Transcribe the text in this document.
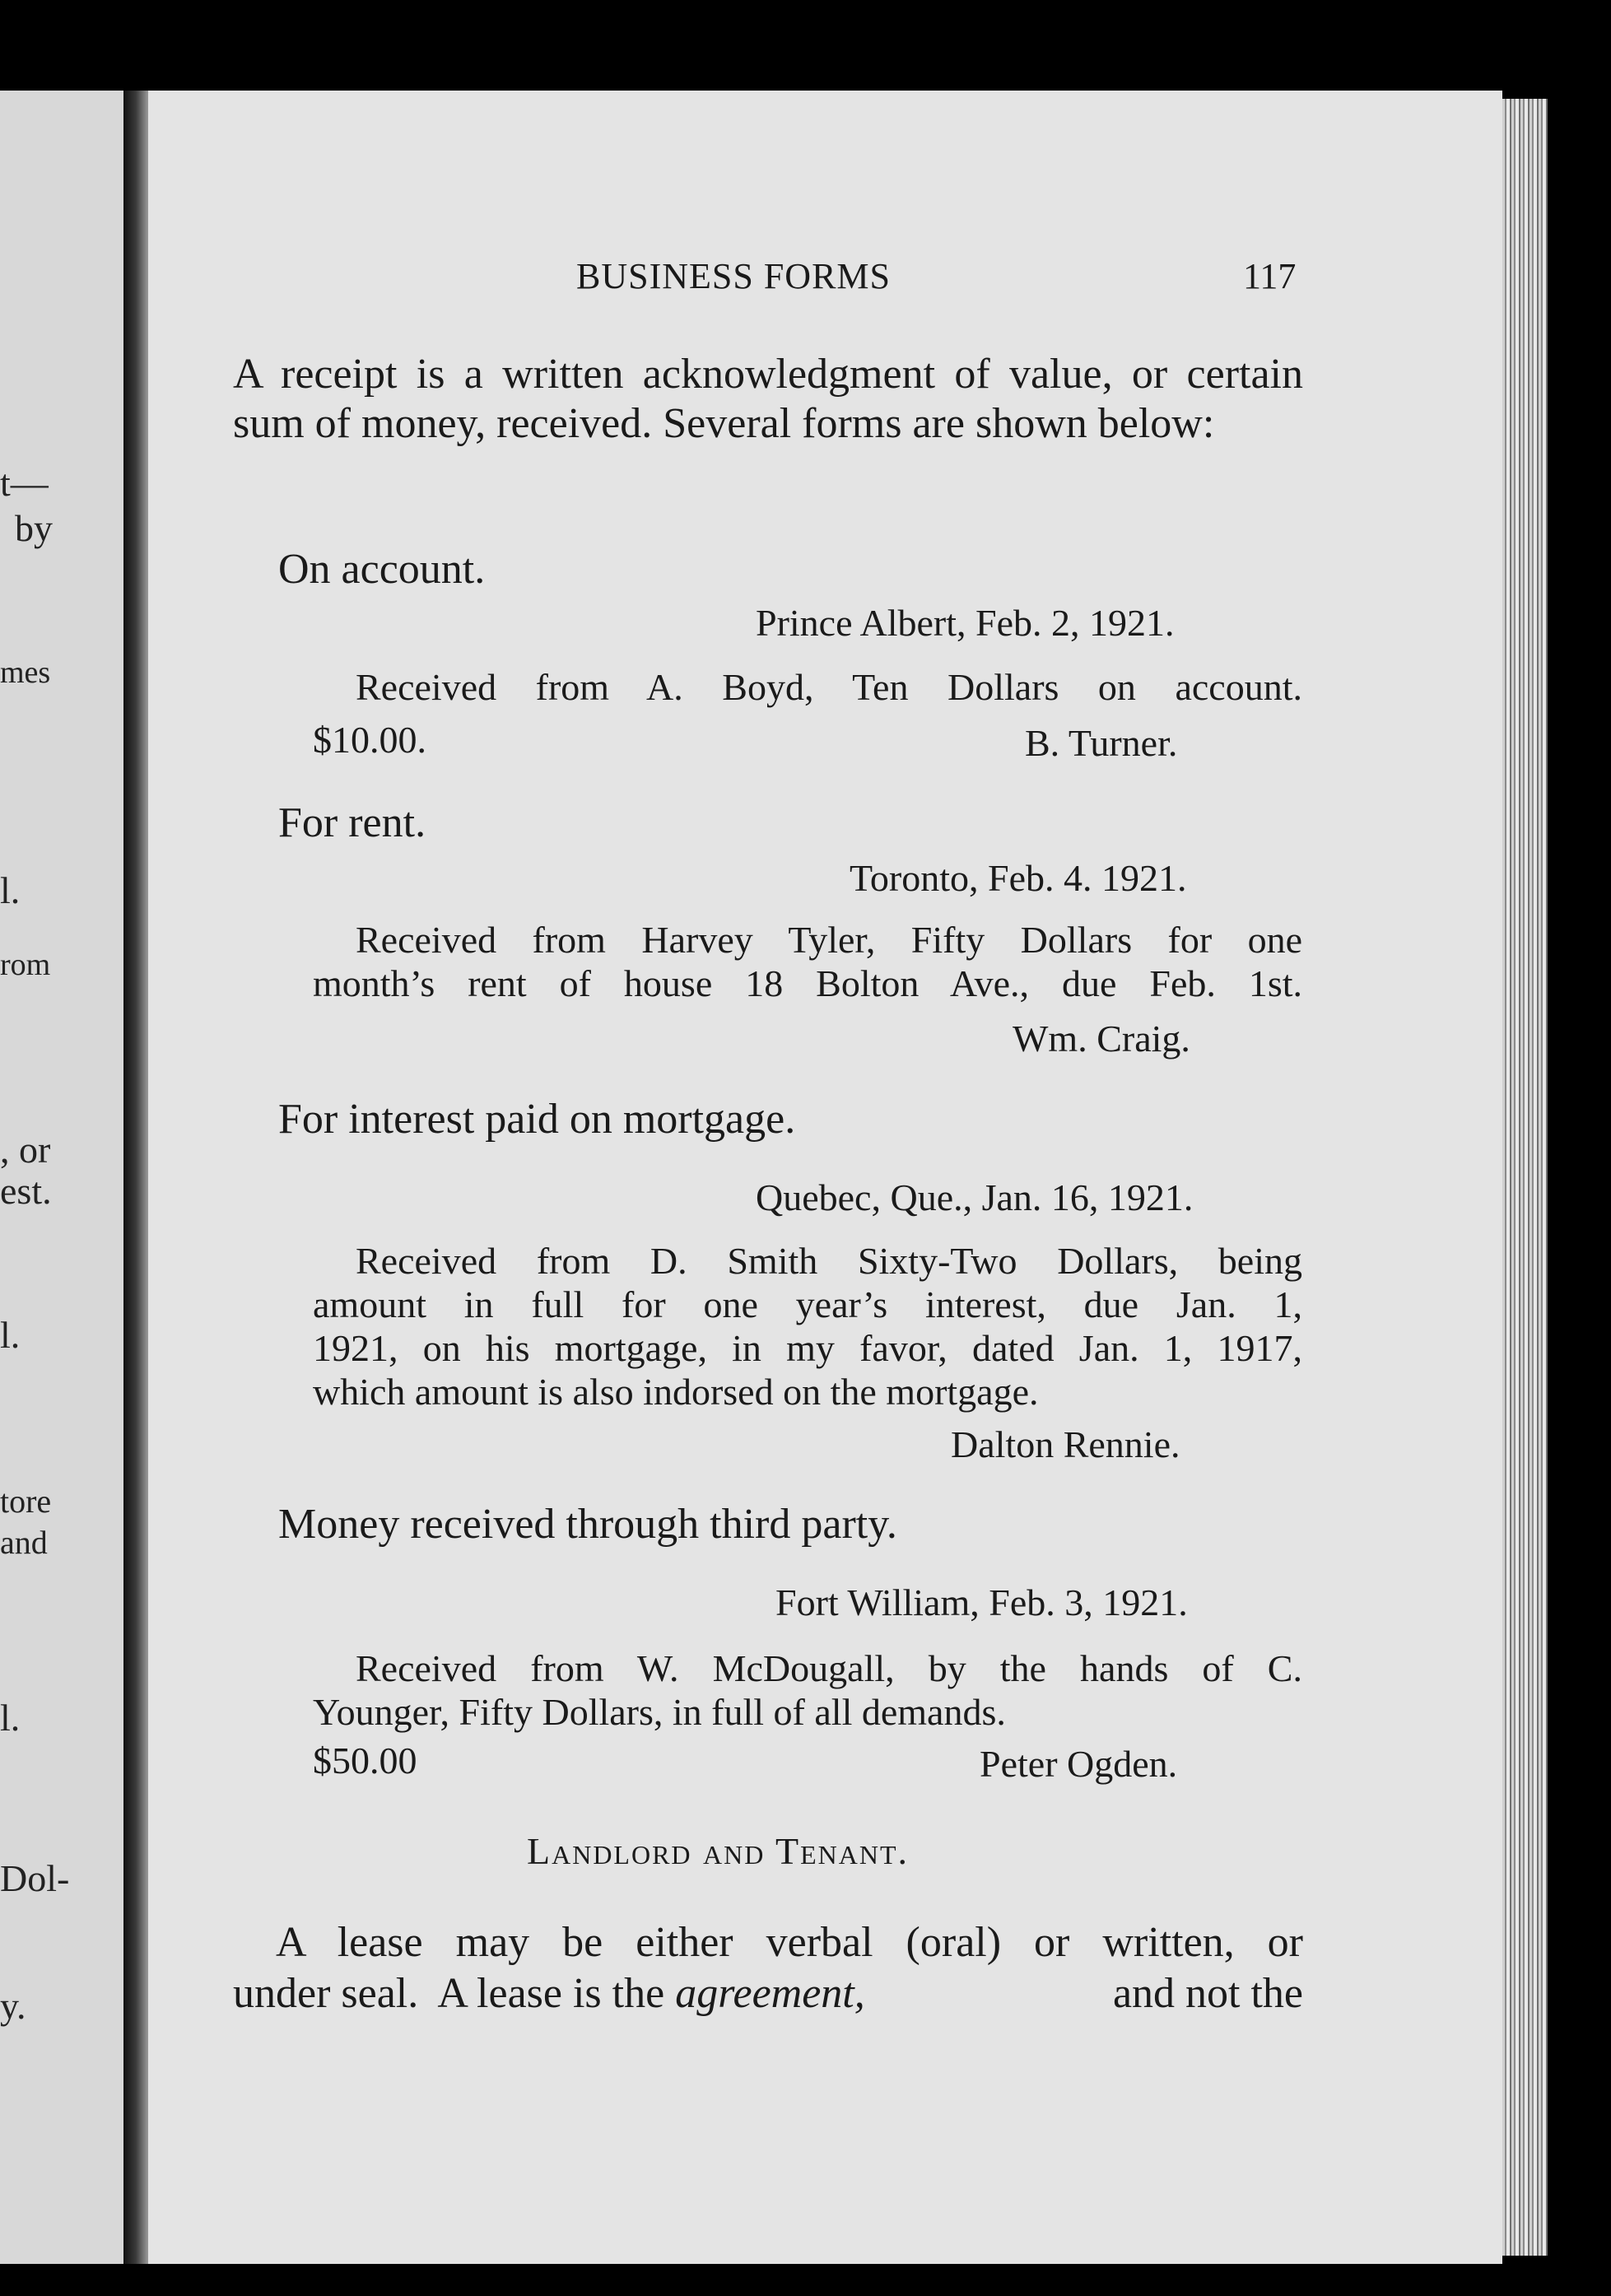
t—
by
mes
l.
rom
, or
est.
l.
tore
and
l.
Dol-
y.
BUSINESS FORMS	117
A receipt is a written acknowledgment of value, or certain sum of money, received. Several forms are shown below:
On account.
Prince Albert, Feb. 2, 1921.
Received from A. Boyd, Ten Dollars on account.
$10.00.	B. Turner.
For rent.
Toronto, Feb. 4. 1921.
Received from Harvey Tyler, Fifty Dollars for one
month’s rent of house 18 Bolton Ave., due Feb. 1st.
Wm. Craig.
For interest paid on mortgage.
Quebec, Que., Jan. 16, 1921.
Received from D. Smith Sixty-Two Dollars, being
amount in full for one year’s interest, due Jan. 1,
1921, on his mortgage, in my favor, dated Jan. 1, 1917,
which amount is also indorsed on the mortgage.
Dalton Rennie.
Money received through third party.
Fort William, Feb. 3, 1921.
Received from W. McDougall, by the hands of C.
Younger, Fifty Dollars, in full of all demands.
$50.00	Peter Ogden.
Landlord and Tenant.
A lease may be either verbal (oral) or written, or
under seal.  A lease is the agreement,	and not the
